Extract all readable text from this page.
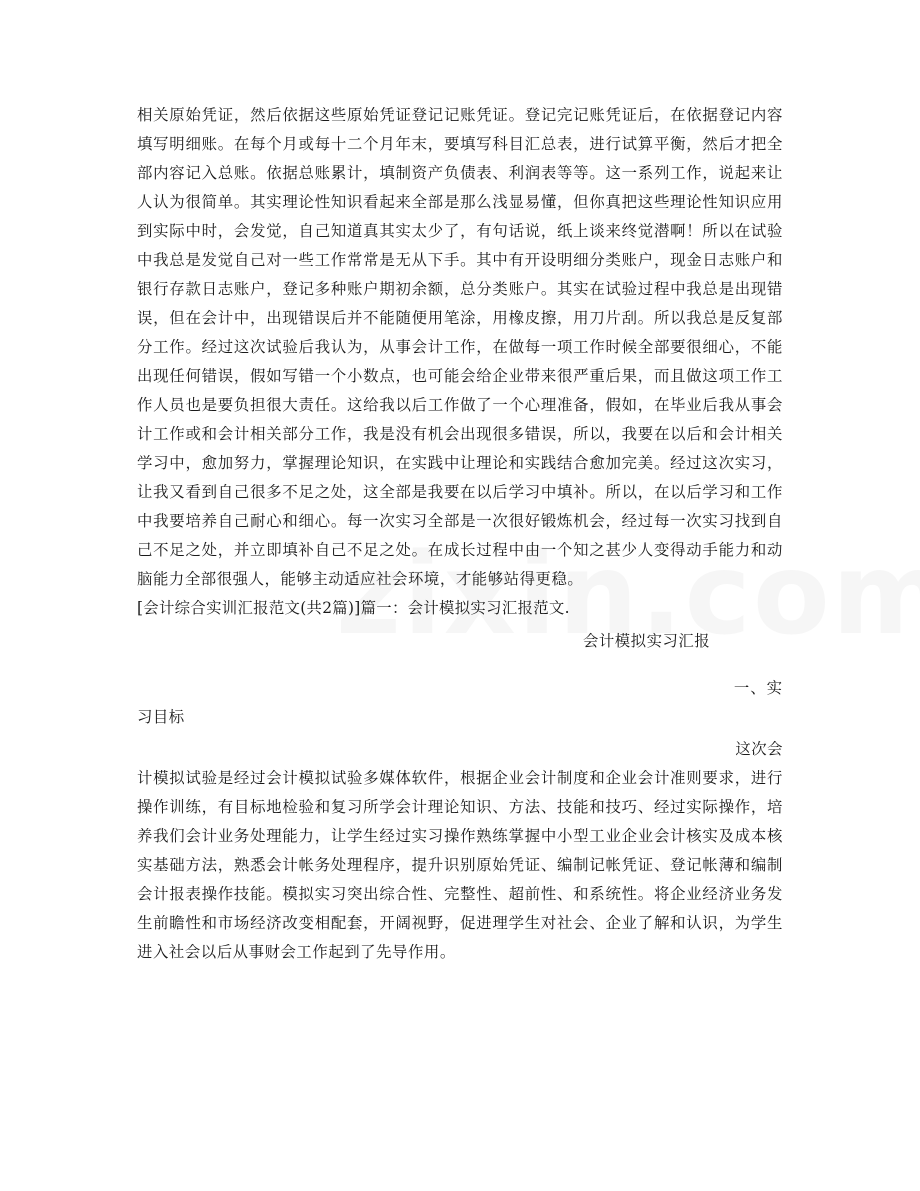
相关原始凭证，然后依据这些原始凭证登记记账凭证。登记完记账凭证后，在依据登记内容填写明细账。在每个月或每十二个月年末，要填写科目汇总表，进行试算平衡，然后才把全部内容记入总账。依据总账累计，填制资产负债表、利润表等等。这一系列工作，说起来让人认为很简单。其实理论性知识看起来全部是那么浅显易懂，但你真把这些理论性知识应用到实际中时，会发觉，自己知道真其实太少了，有句话说，纸上谈来终觉潜啊！所以在试验中我总是发觉自己对一些工作常常是无从下手。其中有开设明细分类账户，现金日志账户和银行存款日志账户，登记多种账户期初余额，总分类账户。其实在试验过程中我总是出现错误，但在会计中，出现错误后并不能随便用笔涂，用橡皮擦，用刀片刮。所以我总是反复部分工作。经过这次试验后我认为，从事会计工作，在做每一项工作时候全部要很细心，不能出现任何错误，假如写错一个小数点，也可能会给企业带来很严重后果，而且做这项工作工作人员也是要负担很大责任。这给我以后工作做了一个心理准备，假如，在毕业后我从事会计工作或和会计相关部分工作，我是没有机会出现很多错误，所以，我要在以后和会计相关学习中，愈加努力，掌握理论知识，在实践中让理论和实践结合愈加完美。经过这次实习，让我又看到自己很多不足之处，这全部是我要在以后学习中填补。所以，在以后学习和工作中我要培养自己耐心和细心。每一次实习全部是一次很好锻炼机会，经过每一次实习找到自己不足之处，并立即填补自己不足之处。在成长过程中由一个知之甚少人变得动手能力和动脑能力全部很强人，能够主动适应社会环境，才能够站得更稳。

[会计综合实训汇报范文(共2篇)]篇一：会计模拟实习汇报范文.

会计模拟实习汇报

一、实

习目标

这次会

计模拟试验是经过会计模拟试验多媒体软件，根据企业会计制度和企业会计准则要求，进行操作训练，有目标地检验和复习所学会计理论知识、方法、技能和技巧、经过实际操作，培养我们会计业务处理能力，让学生经过实习操作熟练掌握中小型工业企业会计核实及成本核实基础方法，熟悉会计帐务处理程序，提升识别原始凭证、编制记帐凭证、登记帐薄和编制会计报表操作技能。模拟实习突出综合性、完整性、超前性、和系统性。将企业经济业务发生前瞻性和市场经济改变相配套，开阔视野，促进理学生对社会、企业了解和认识，为学生进入社会以后从事财会工作起到了先导作用。
